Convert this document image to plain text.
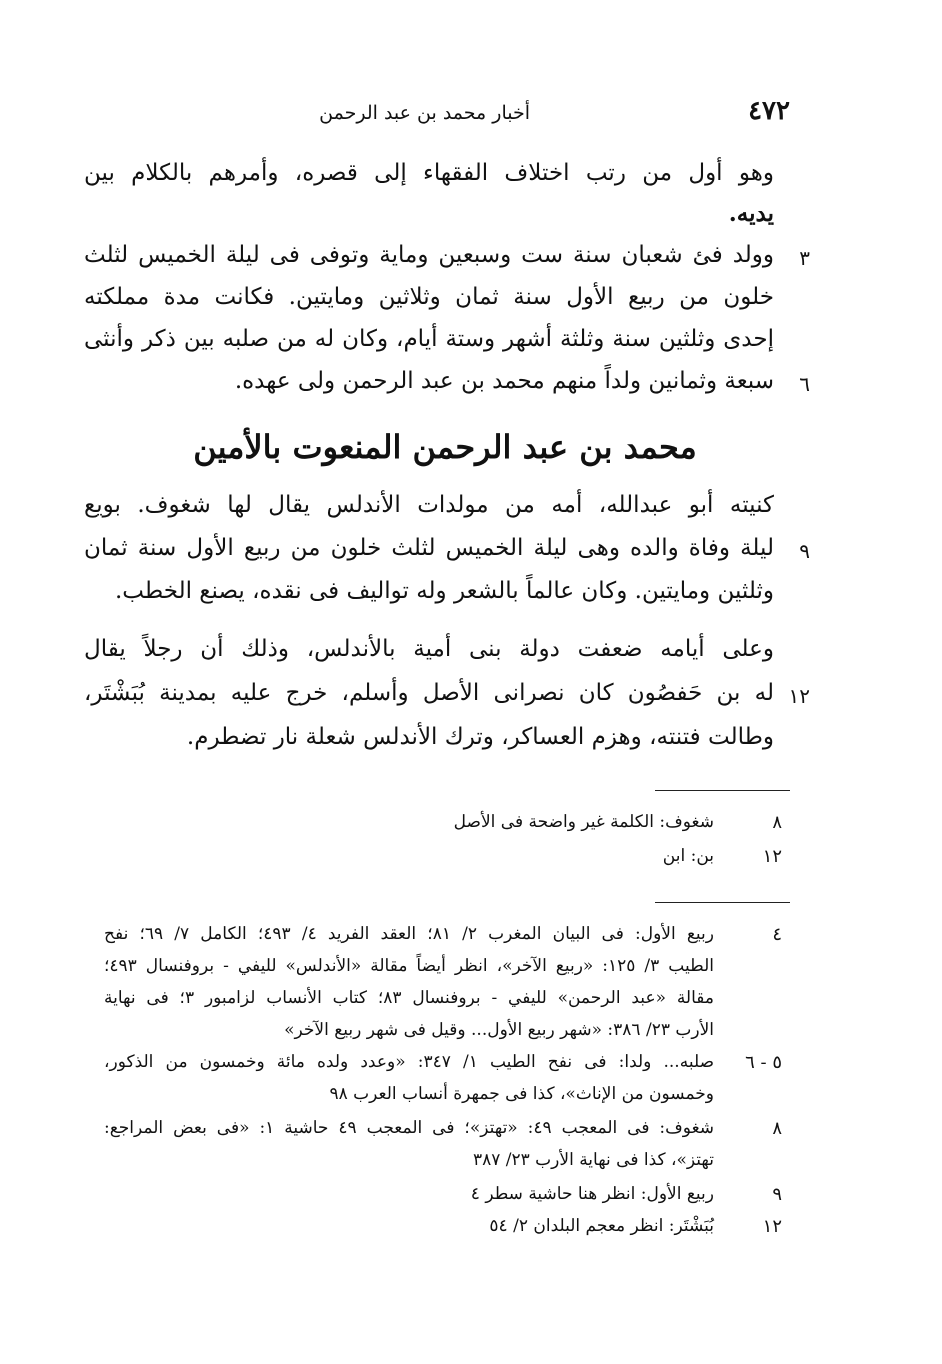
٤٧٢
أخبار محمد بن عبد الرحمن
وهو أول من رتب اختلاف الفقهاء إلى قصره، وأمرهم بالكلام بين
يديه.
٣
وولد فئ شعبان سنة ست وسبعين وماية وتوفى فى ليلة الخميس لثلث
خلون من ربيع الأول سنة ثمان وثلاثين ومايتين. فكانت مدة مملكته
إحدى وثلثين سنة وثلثة أشهر وستة أيام، وكان له من صلبه بين ذكر وأنثى
٦
سبعة وثمانين ولداً منهم محمد بن عبد الرحمن ولى عهده.
محمد بن عبد الرحمن المنعوت بالأمين
كنيته أبو عبدالله، أمه من مولدات الأندلس يقال لها شغوف. بويع
٩
ليلة وفاة والده وهى ليلة الخميس لثلث خلون من ربيع الأول سنة ثمان
وثلثين ومايتين. وكان عالماً بالشعر وله تواليف فى نقده، يصنع الخطب.
وعلى أيامه ضعفت دولة بنى أمية بالأندلس، وذلك أن رجلاً يقال
١٢
له بن حَفصُون كان نصرانى الأصل وأسلم، خرج عليه بمدينة بُبَشْتَر،
وطالت فتنته، وهزم العساكر، وترك الأندلس شعلة نار تضطرم.
٨
شغوف: الكلمة غير واضحة فى الأصل
١٢
بن: ابن
٤
ربيع الأول: فى البيان المغرب ٢/ ٨١؛ العقد الفريد ٤/ ٤٩٣؛ الكامل ٧/ ٦٩؛ نفح
الطيب ٣/ ١٢٥: «ربيع الآخر»، انظر أيضاً مقالة «الأندلس» لليفي - بروفنسال ٤٩٣؛
مقالة «عبد الرحمن» لليفي - بروفنسال ٨٣؛ كتاب الأنساب لزامبور ٣؛ فى نهاية
الأرب ٢٣/ ٣٨٦: «شهر ربيع الأول... وقيل فى شهر ربيع الآخر»
٥ - ٦
صلبه... ولدا: فى نفح الطيب ١/ ٣٤٧: «وعدد ولده مائة وخمسون من الذكور،
وخمسون من الإناث»، كذا فى جمهرة أنساب العرب ٩٨
٨
شغوف: فى المعجب ٤٩: «تهتز»؛ فى المعجب ٤٩ حاشية ١: «فى بعض المراجع:
تهتز»، كذا فى نهاية الأرب ٢٣/ ٣٨٧
٩
ربيع الأول: انظر هنا حاشية سطر ٤
١٢
بُبَشْتَر: انظر معجم البلدان ٢/ ٥٤
